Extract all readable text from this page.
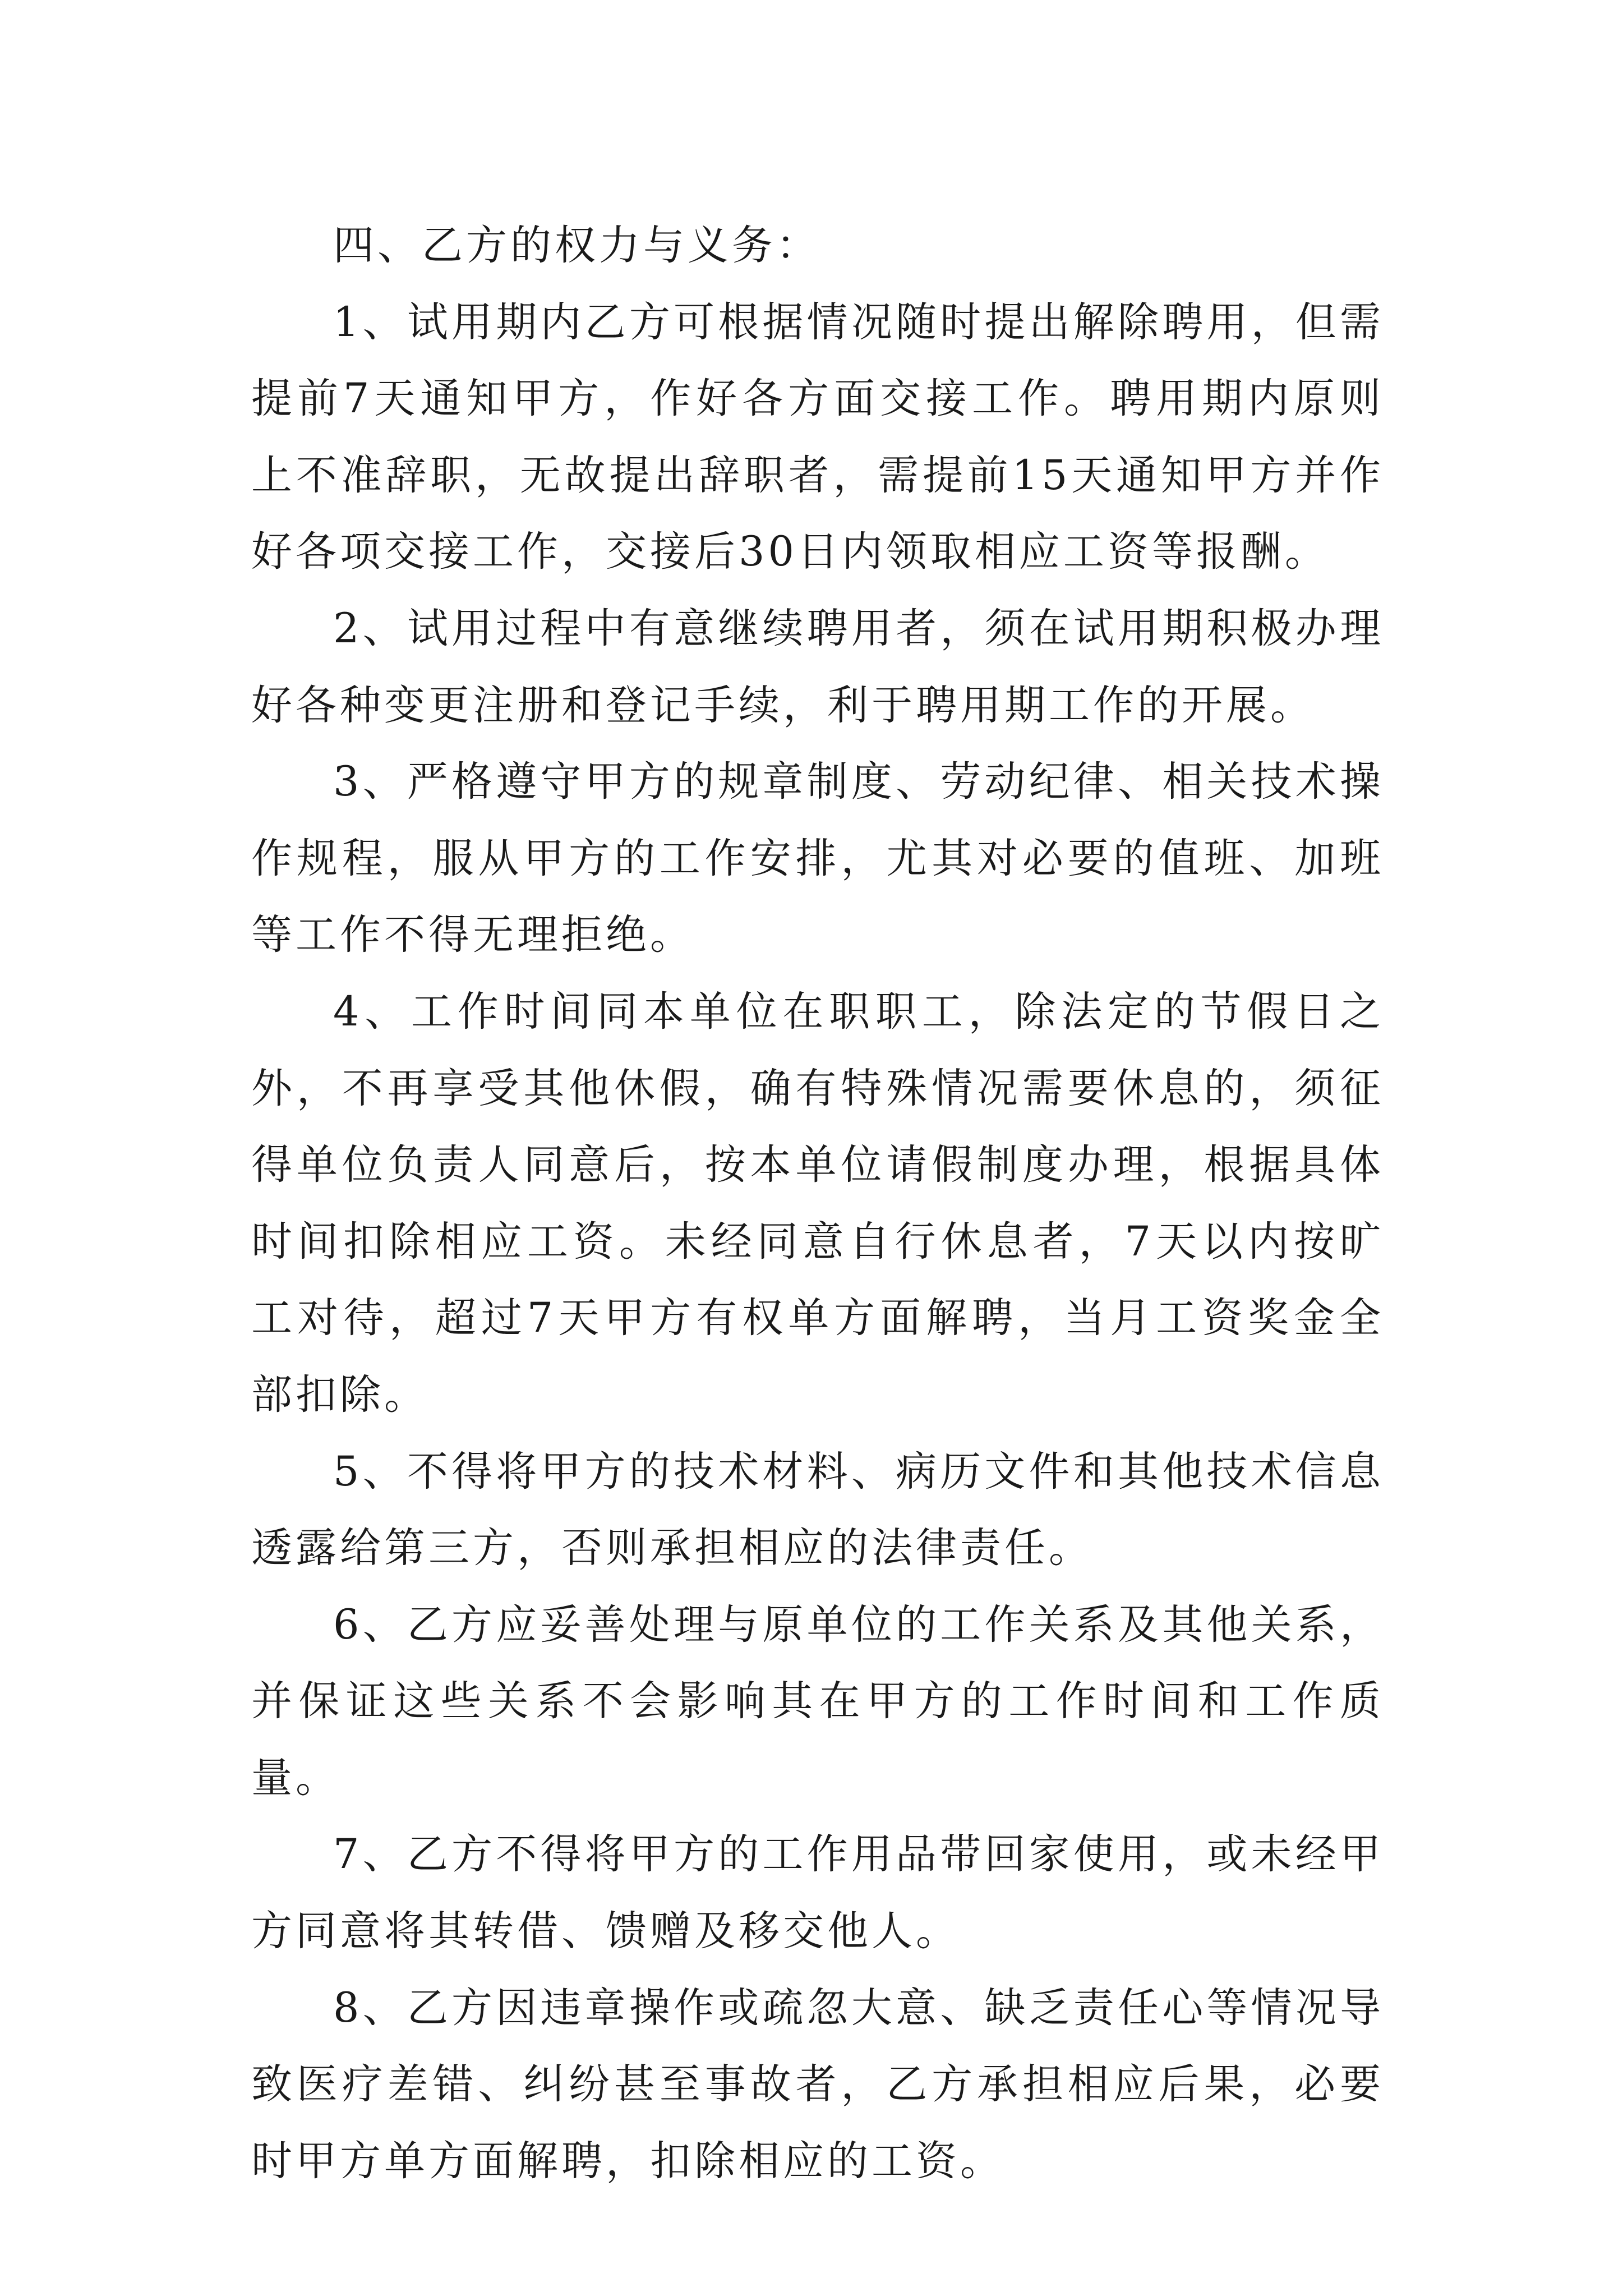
四、乙方的权力与义务：

1、试用期内乙方可根据情况随时提出解除聘用，但需提前7天通知甲方，作好各方面交接工作。聘用期内原则上不准辞职，无故提出辞职者，需提前15天通知甲方并作好各项交接工作，交接后30日内领取相应工资等报酬。

2、试用过程中有意继续聘用者，须在试用期积极办理好各种变更注册和登记手续，利于聘用期工作的开展。

3、严格遵守甲方的规章制度、劳动纪律、相关技术操作规程，服从甲方的工作安排，尤其对必要的值班、加班等工作不得无理拒绝。

4、工作时间同本单位在职职工，除法定的节假日之外，不再享受其他休假，确有特殊情况需要休息的，须征得单位负责人同意后，按本单位请假制度办理，根据具体时间扣除相应工资。未经同意自行休息者，7天以内按旷工对待，超过7天甲方有权单方面解聘，当月工资奖金全部扣除。

5、不得将甲方的技术材料、病历文件和其他技术信息透露给第三方，否则承担相应的法律责任。

6、乙方应妥善处理与原单位的工作关系及其他关系，并保证这些关系不会影响其在甲方的工作时间和工作质量。

7、乙方不得将甲方的工作用品带回家使用，或未经甲方同意将其转借、馈赠及移交他人。

8、乙方因违章操作或疏忽大意、缺乏责任心等情况导致医疗差错、纠纷甚至事故者，乙方承担相应后果，必要时甲方单方面解聘，扣除相应的工资。
